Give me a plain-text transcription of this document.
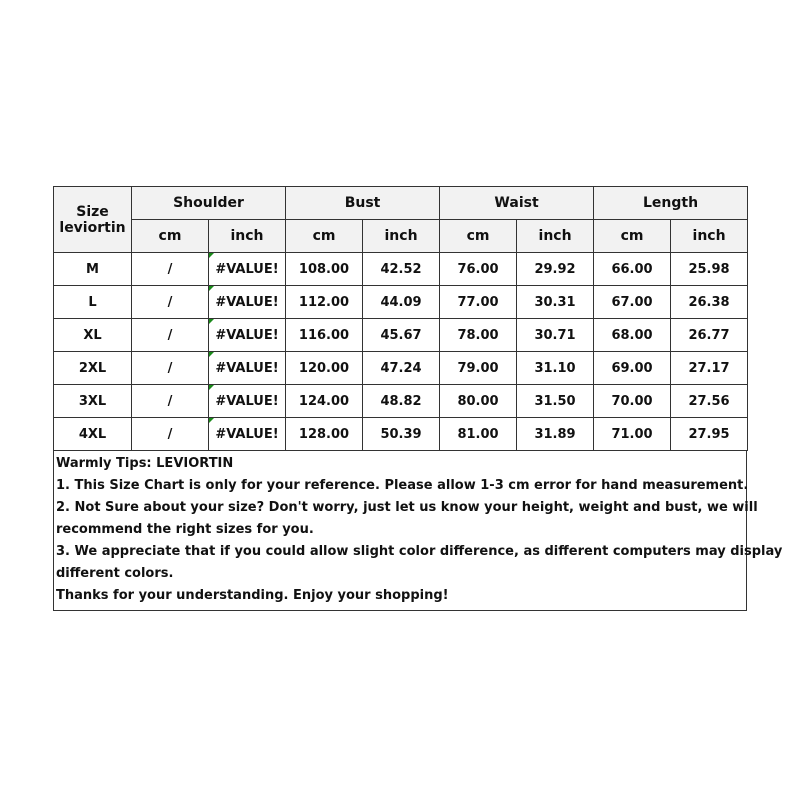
Size
leviortin	Shoulder		Bust		Waist		Length	
	cm	inch	cm	inch	cm	inch	cm	inch
M	/	#VALUE!	108.00	42.52	76.00	29.92	66.00	25.98
L	/	#VALUE!	112.00	44.09	77.00	30.31	67.00	26.38
XL	/	#VALUE!	116.00	45.67	78.00	30.71	68.00	26.77
2XL	/	#VALUE!	120.00	47.24	79.00	31.10	69.00	27.17
3XL	/	#VALUE!	124.00	48.82	80.00	31.50	70.00	27.56
4XL	/	#VALUE!	128.00	50.39	81.00	31.89	71.00	27.95
Warmly Tips: LEVIORTIN
1. This Size Chart is only for your reference. Please allow 1-3 cm error for hand measurement.
2. Not Sure about your size? Don't worry, just let us know your height, weight and bust, we will
recommend the right sizes for you.
3. We appreciate that if you could allow slight color difference, as different computers may display
different colors.
Thanks for your understanding. Enjoy your shopping!
